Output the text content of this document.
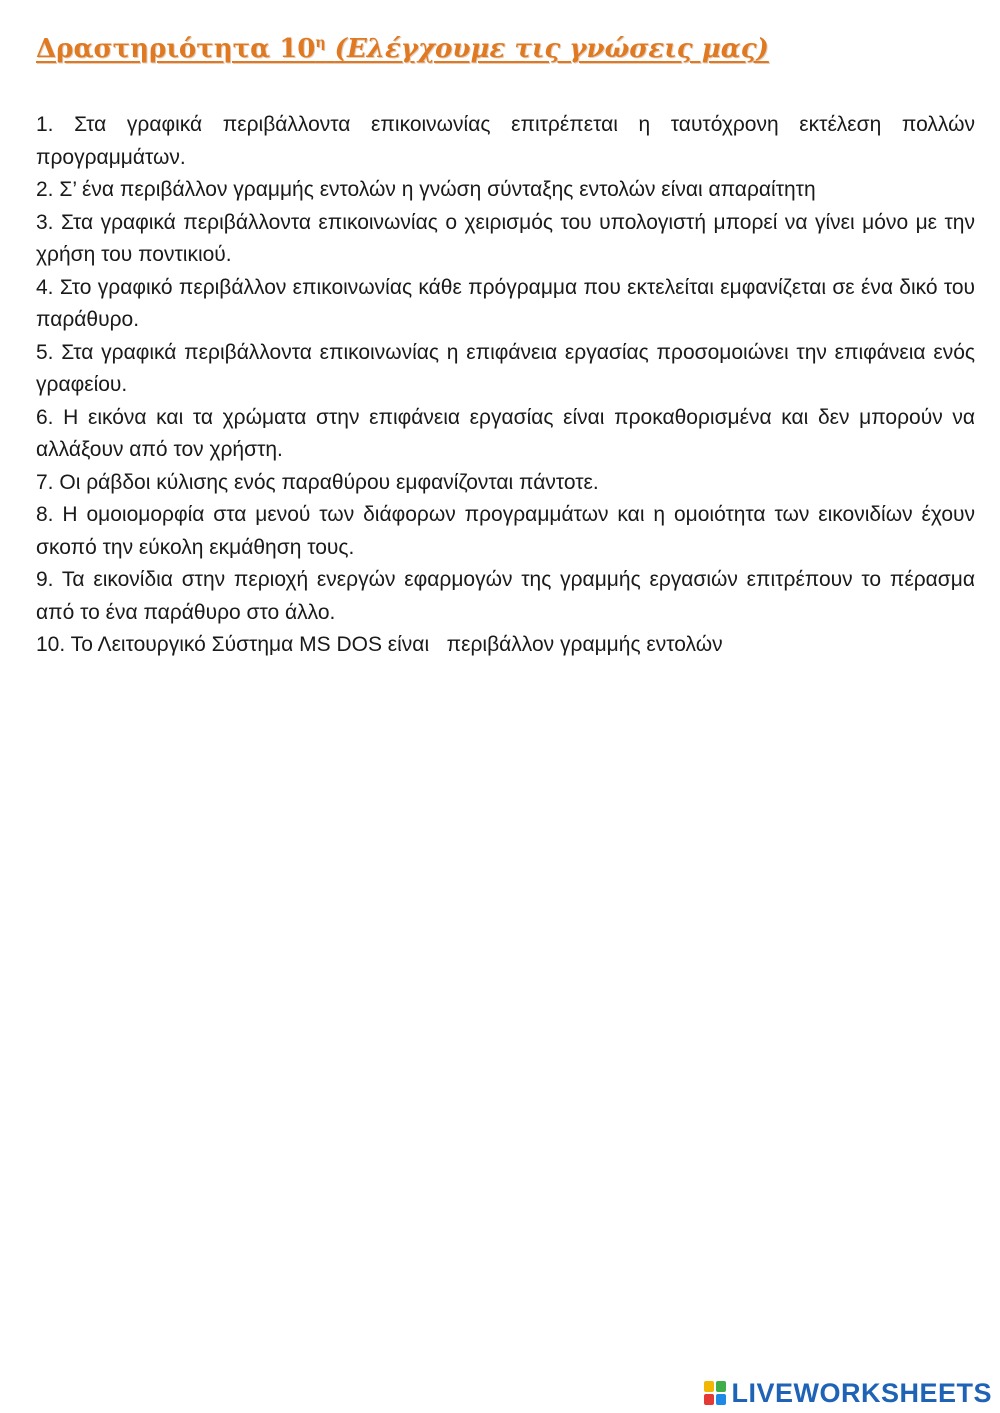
Δραστηριότητα $10^\eta$ (Ελέγχουμε τις γνώσεις μας)
1. Στα γραφικά περιβάλλοντα επικοινωνίας επιτρέπεται η ταυτόχρονη εκτέλεση πολλών προγραμμάτων.
2. Σ’ ένα περιβάλλον γραμμής εντολών η γνώση σύνταξης εντολών είναι απαραίτητη
3. Στα γραφικά περιβάλλοντα επικοινωνίας ο χειρισμός του υπολογιστή μπορεί να γίνει μόνο με την χρήση του ποντικιού.
4. Στο γραφικό περιβάλλον επικοινωνίας κάθε πρόγραμμα που εκτελείται εμφανίζεται σε ένα δικό του παράθυρο.
5. Στα γραφικά περιβάλλοντα επικοινωνίας η επιφάνεια εργασίας προσομοιώνει την επιφάνεια ενός γραφείου.
6. Η εικόνα και τα χρώματα στην επιφάνεια εργασίας είναι προκαθορισμένα και δεν μπορούν να αλλάξουν από τον χρήστη.
7. Οι ράβδοι κύλισης ενός παραθύρου εμφανίζονται πάντοτε.
8. Η ομοιομορφία στα μενού των διάφορων προγραμμάτων και η ομοιότητα των εικονιδίων έχουν σκοπό την εύκολη εκμάθηση τους.
9. Τα εικονίδια στην περιοχή ενεργών εφαρμογών της γραμμής εργασιών επιτρέπουν το πέρασμα από το ένα παράθυρο στο άλλο.
10. Το Λειτουργικό Σύστημα MS DOS είναι   περιβάλλον γραμμής εντολών
LIVEWORKSHEETS
